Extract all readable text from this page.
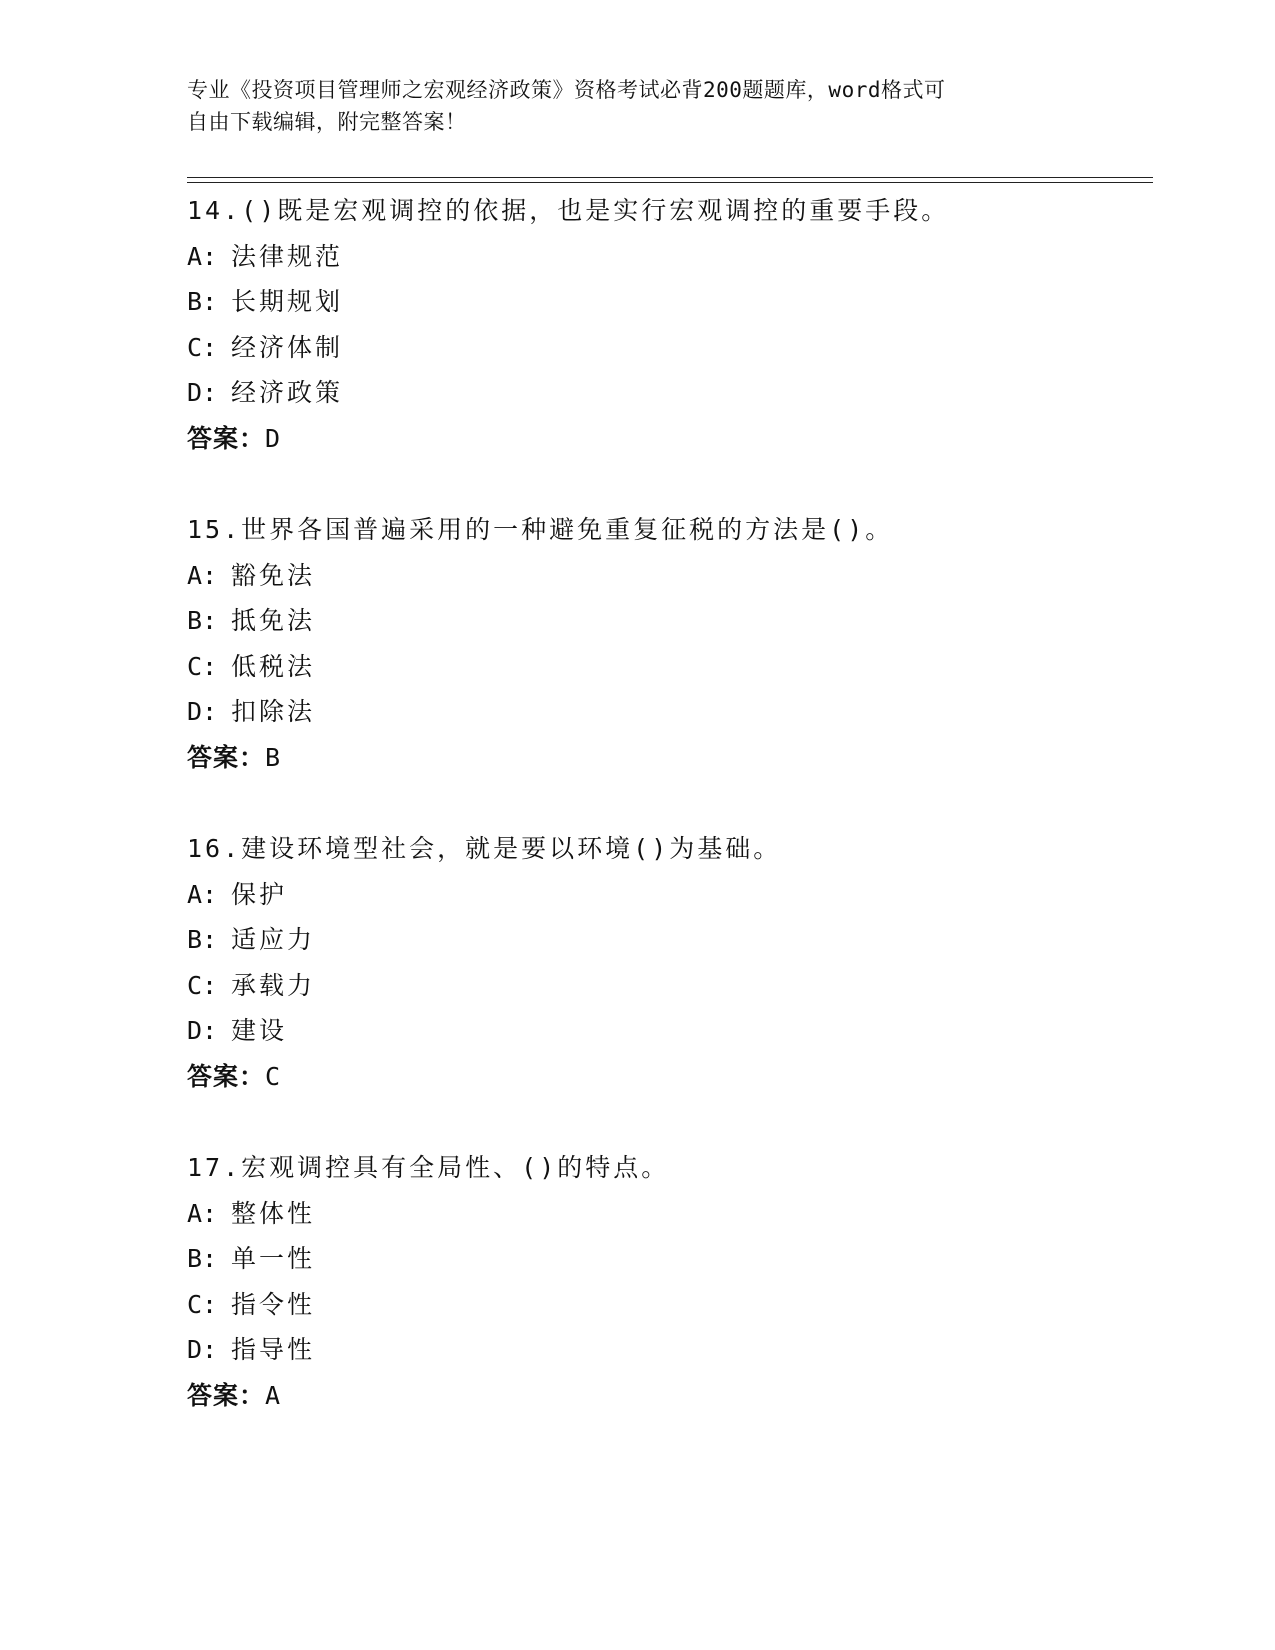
专业《投资项目管理师之宏观经济政策》资格考试必背200题题库，word格式可
自由下载编辑，附完整答案！
14.()既是宏观调控的依据，也是实行宏观调控的重要手段。
A: 法律规范
B: 长期规划
C: 经济体制
D: 经济政策
答案：D
15.世界各国普遍采用的一种避免重复征税的方法是()。
A: 豁免法
B: 抵免法
C: 低税法
D: 扣除法
答案：B
16.建设环境型社会，就是要以环境()为基础。
A: 保护
B: 适应力
C: 承载力
D: 建设
答案：C
17.宏观调控具有全局性、()的特点。
A: 整体性
B: 单一性
C: 指令性
D: 指导性
答案：A
